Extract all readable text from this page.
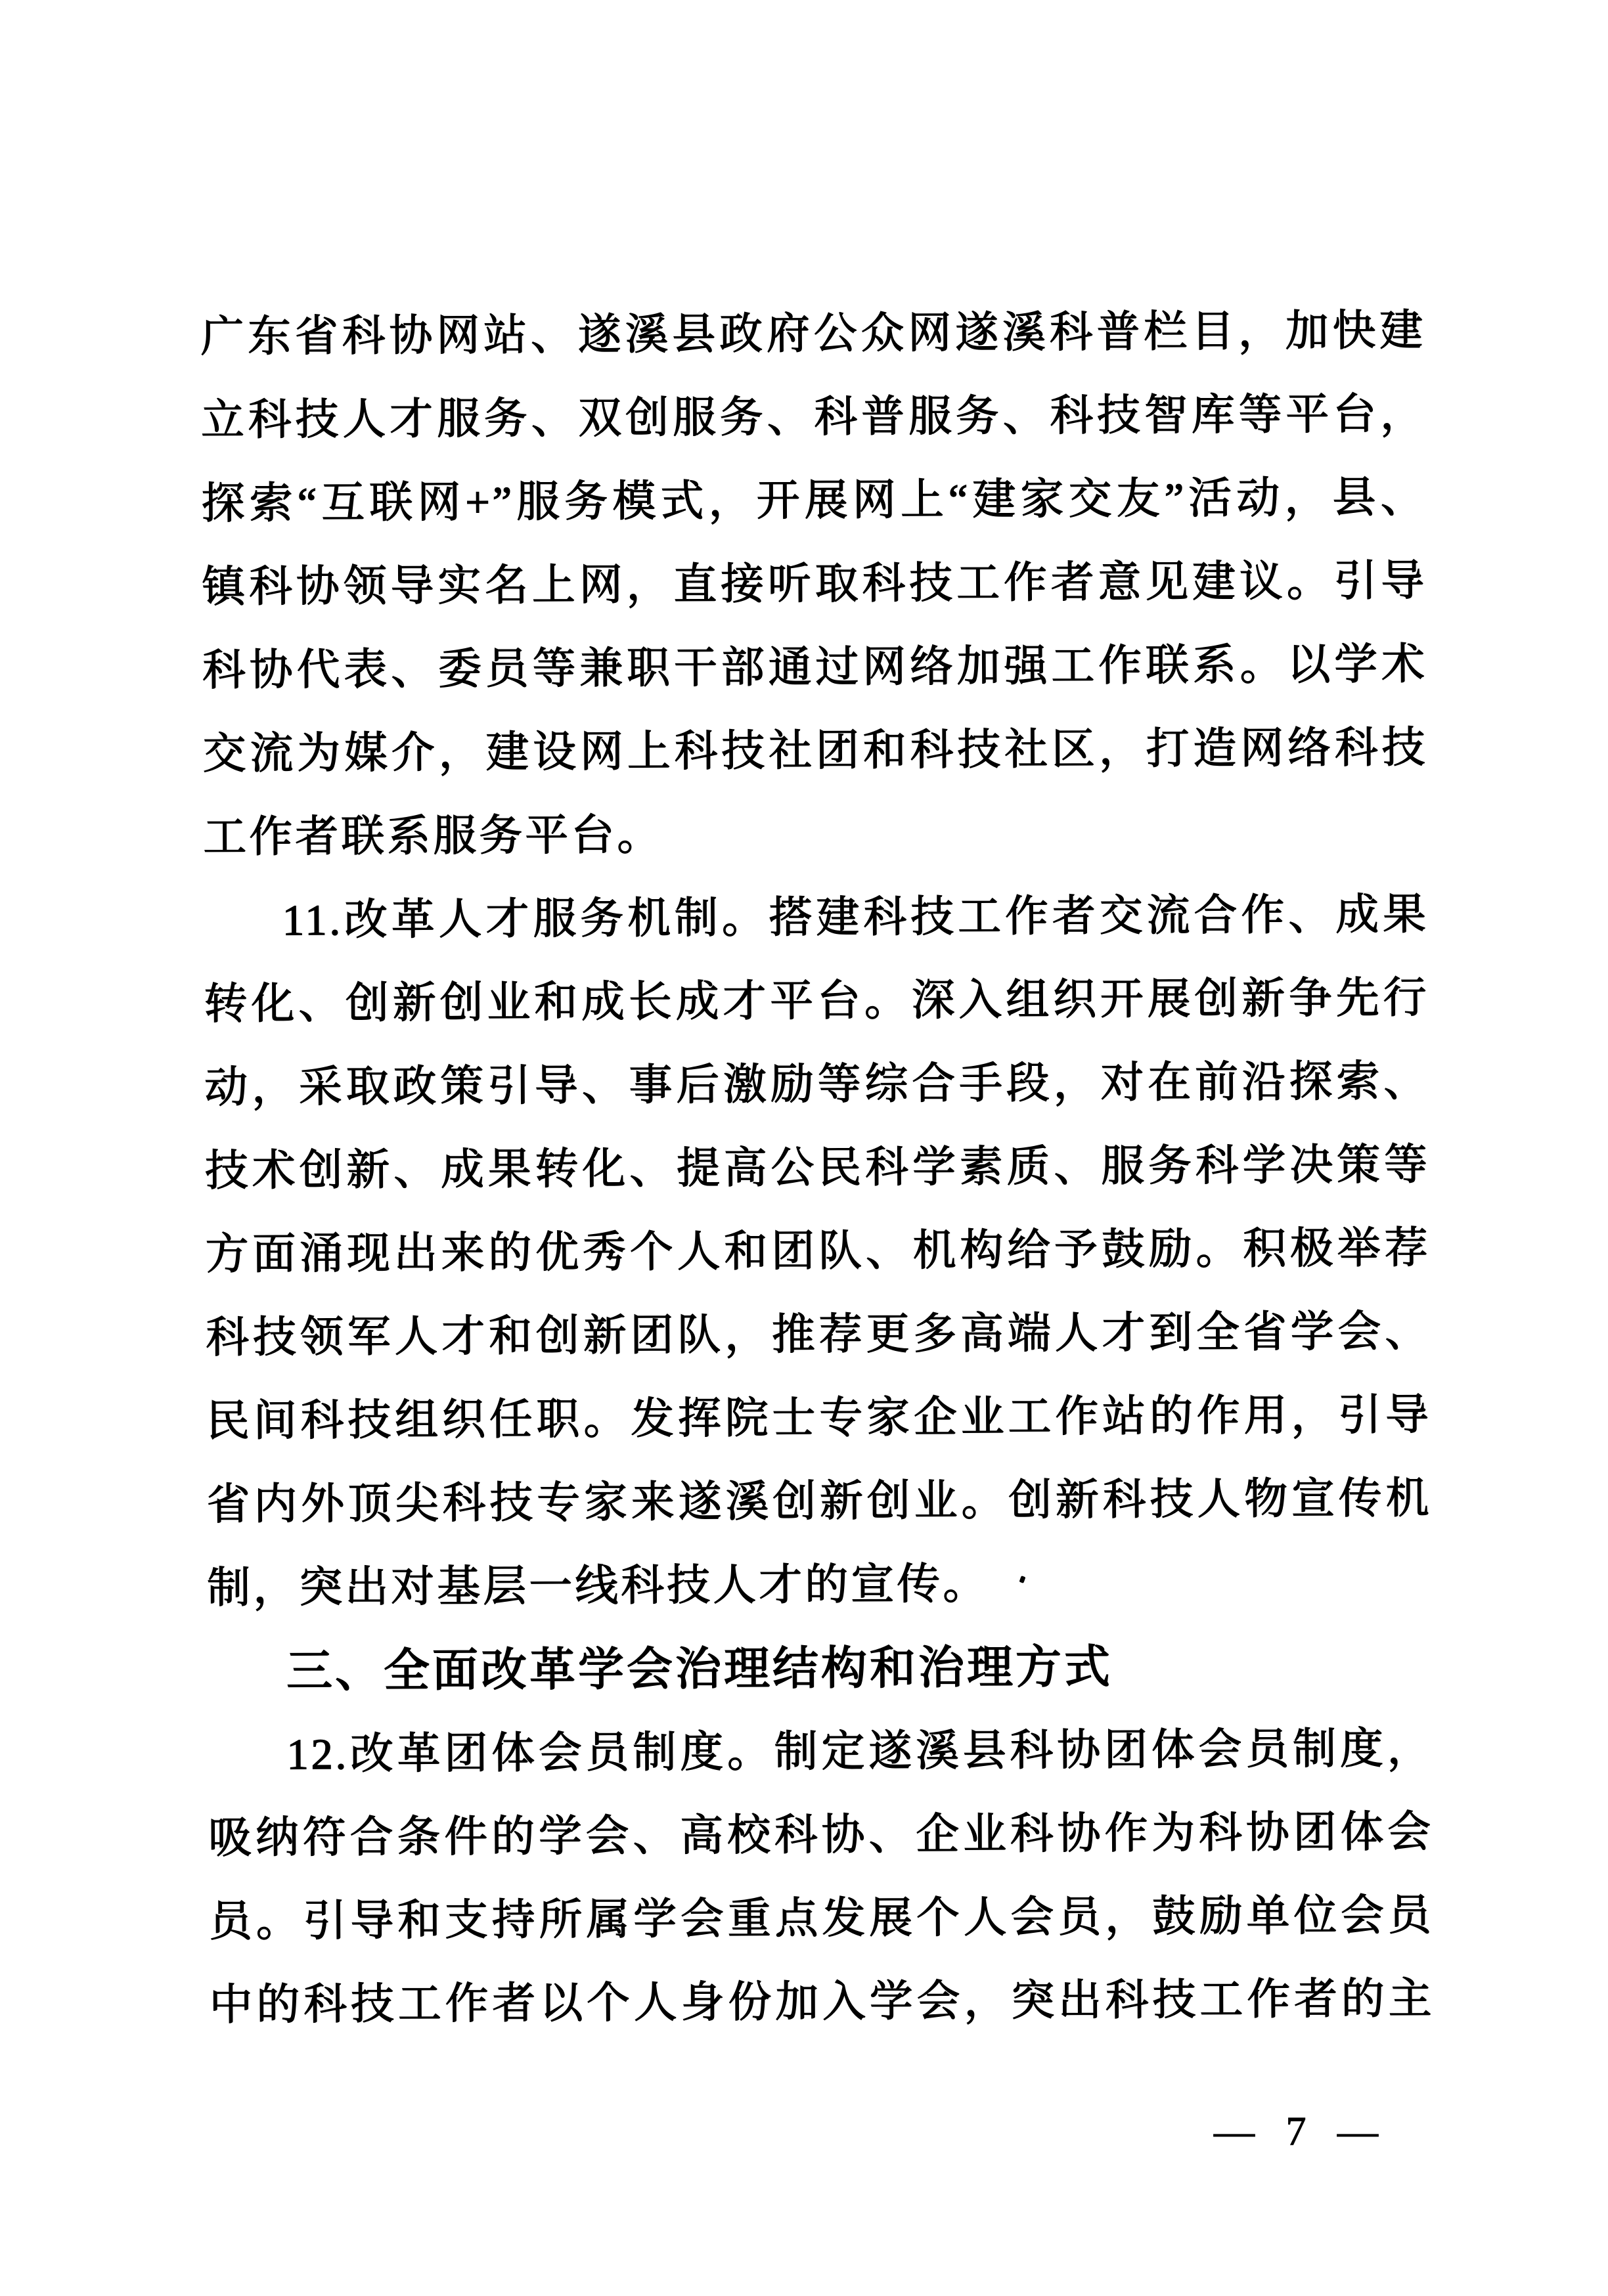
广东省科协网站、遂溪县政府公众网遂溪科普栏目，加快建
立科技人才服务、双创服务、科普服务、科技智库等平台，
探索“互联网+”服务模式，开展网上“建家交友”活动，县、
镇科协领导实名上网，直接听取科技工作者意见建议。引导
科协代表、委员等兼职干部通过网络加强工作联系。以学术
交流为媒介，建设网上科技社团和科技社区，打造网络科技
工作者联系服务平台。
11.改革人才服务机制。搭建科技工作者交流合作、成果
转化、创新创业和成长成才平台。深入组织开展创新争先行
动，采取政策引导、事后激励等综合手段，对在前沿探索、
技术创新、成果转化、提高公民科学素质、服务科学决策等
方面涌现出来的优秀个人和团队、机构给予鼓励。积极举荐
科技领军人才和创新团队，推荐更多高端人才到全省学会、
民间科技组织任职。发挥院士专家企业工作站的作用，引导
省内外顶尖科技专家来遂溪创新创业。创新科技人物宣传机
制，突出对基层一线科技人才的宣传。
三、全面改革学会治理结构和治理方式
12.改革团体会员制度。制定遂溪县科协团体会员制度，
吸纳符合条件的学会、高校科协、企业科协作为科协团体会
员。引导和支持所属学会重点发展个人会员，鼓励单位会员
中的科技工作者以个人身份加入学会，突出科技工作者的主
— 7 —
